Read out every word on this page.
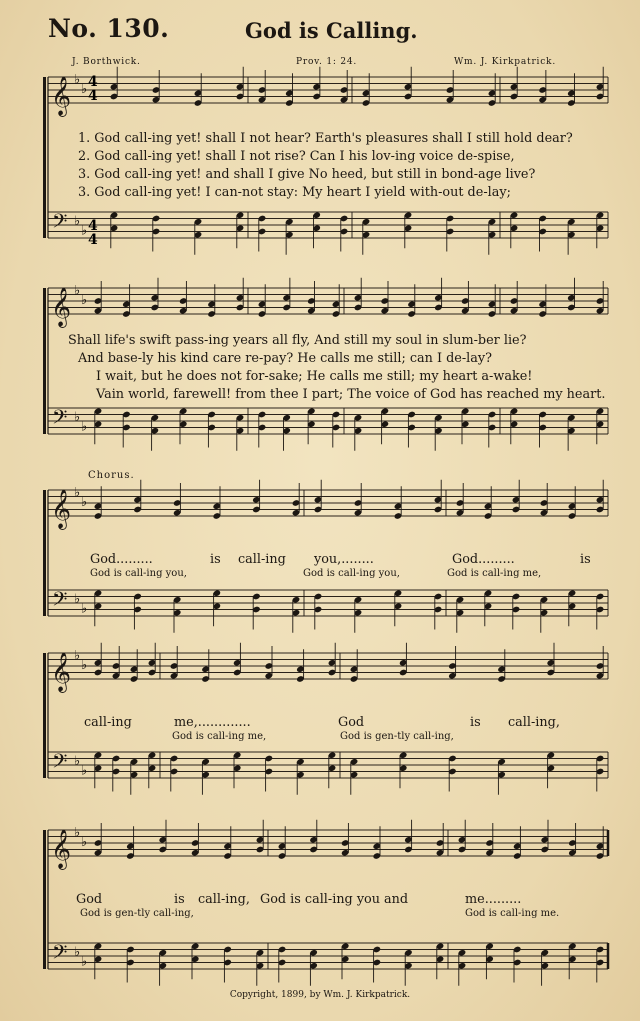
No. 130.	God is Calling.
J. Borthwick.	Prov. 1: 24.	Wm. J. Kirkpatrick.
4
4
4
4
𝄞
𝄢
♭
♭
♭
♭
𝄞
𝄢
♭
♭
♭
♭
𝄞
𝄢
♭
♭
♭
♭
𝄞
𝄢
♭
♭
♭
♭
𝄞
𝄢
♭
♭
♭
♭
1. God call-ing yet! shall I not hear? Earth's pleasures shall I still hold dear?
2. God call-ing yet! shall I not rise? Can I his lov-ing voice de-spise,
3. God call-ing yet! and shall I give No heed, but still in bond-age live?
3. God call-ing yet! I can-not stay: My heart I yield with-out de-lay;
Shall life's swift pass-ing years all fly, And still my soul in slum-ber lie?
And base-ly his kind care re-pay? He calls me still; can I de-lay?
I wait, but he does not for-sake; He calls me still; my heart a-wake!
Vain world, farewell! from thee I part; The voice of God has reached my heart.
Chorus.
God.........	is call-ing you,........	God.........	is
God is call-ing you,	God is call-ing you,	God is call-ing me,
call-ing	me,.............	God	is call-ing,
God is call-ing me,	God is gen-tly call-ing,
God	is call-ing, God is call-ing you and	me.........
God is gen-tly call-ing,	God is call-ing me.
Copyright, 1899, by Wm. J. Kirkpatrick.
